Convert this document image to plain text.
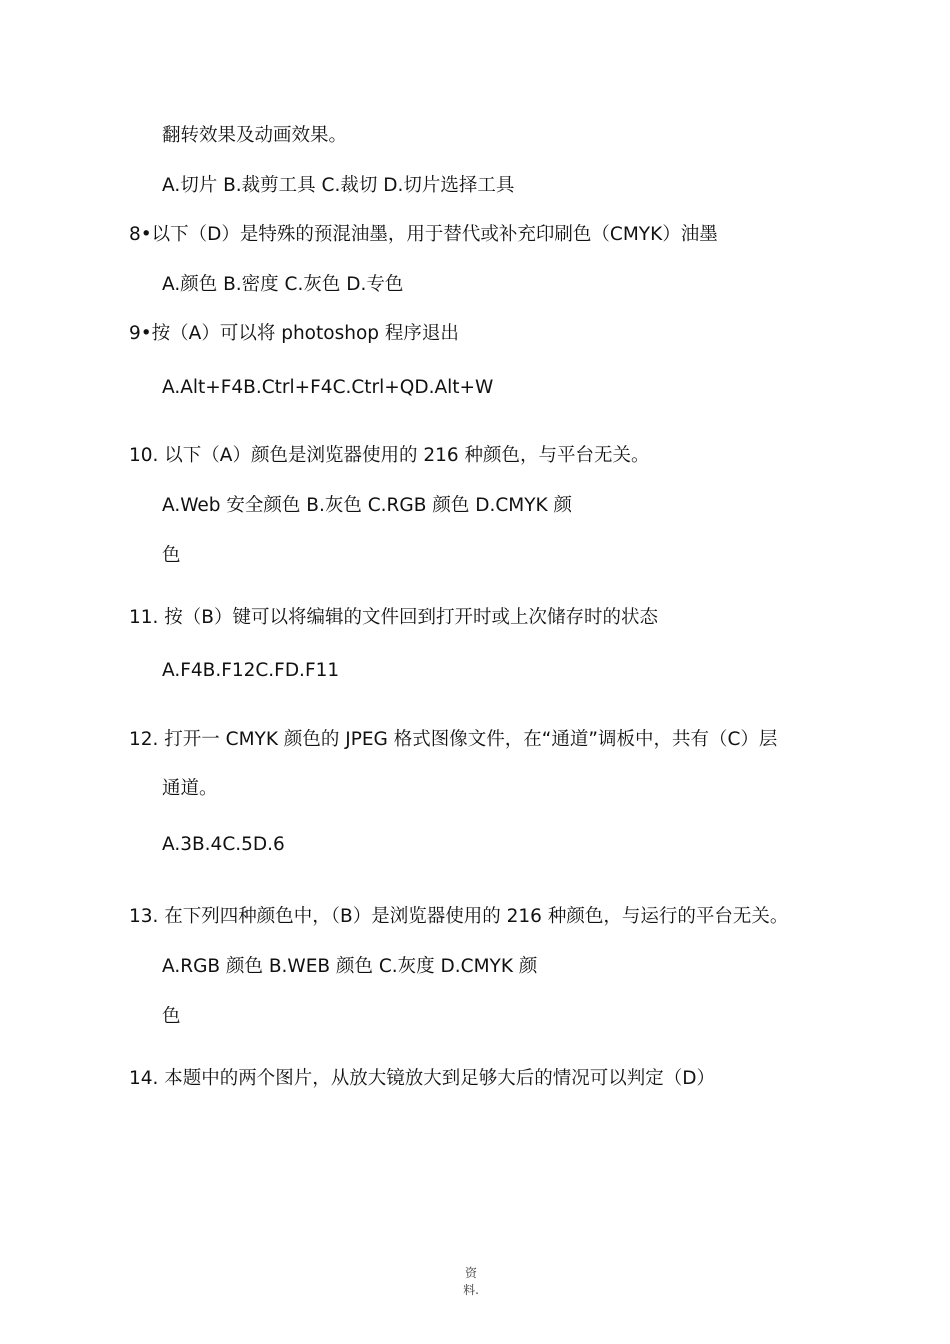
翻转效果及动画效果。
A.切片 B.裁剪工具 C.裁切 D.切片选择工具
8•以下（D）是特殊的预混油墨，用于替代或补充印刷色（CMYK）油墨
A.颜色 B.密度 C.灰色 D.专色
9•按（A）可以将 photoshop 程序退出
A.Alt+F4B.Ctrl+F4C.Ctrl+QD.Alt+W
10. 以下（A）颜色是浏览器使用的 216 种颜色，与平台无关。
A.Web 安全颜色 B.灰色 C.RGB 颜色 D.CMYK 颜
色
11. 按（B）键可以将编辑的文件回到打开时或上次储存时的状态
A.F4B.F12C.FD.F11
12. 打开一 CMYK 颜色的 JPEG 格式图像文件，在“通道”调板中，共有（C）层
通道。
A.3B.4C.5D.6
13. 在下列四种颜色中，（B）是浏览器使用的 216 种颜色，与运行的平台无关。
A.RGB 颜色 B.WEB 颜色 C.灰度 D.CMYK 颜
色
14. 本题中的两个图片，从放大镜放大到足够大后的情况可以判定（D）
资
料.
